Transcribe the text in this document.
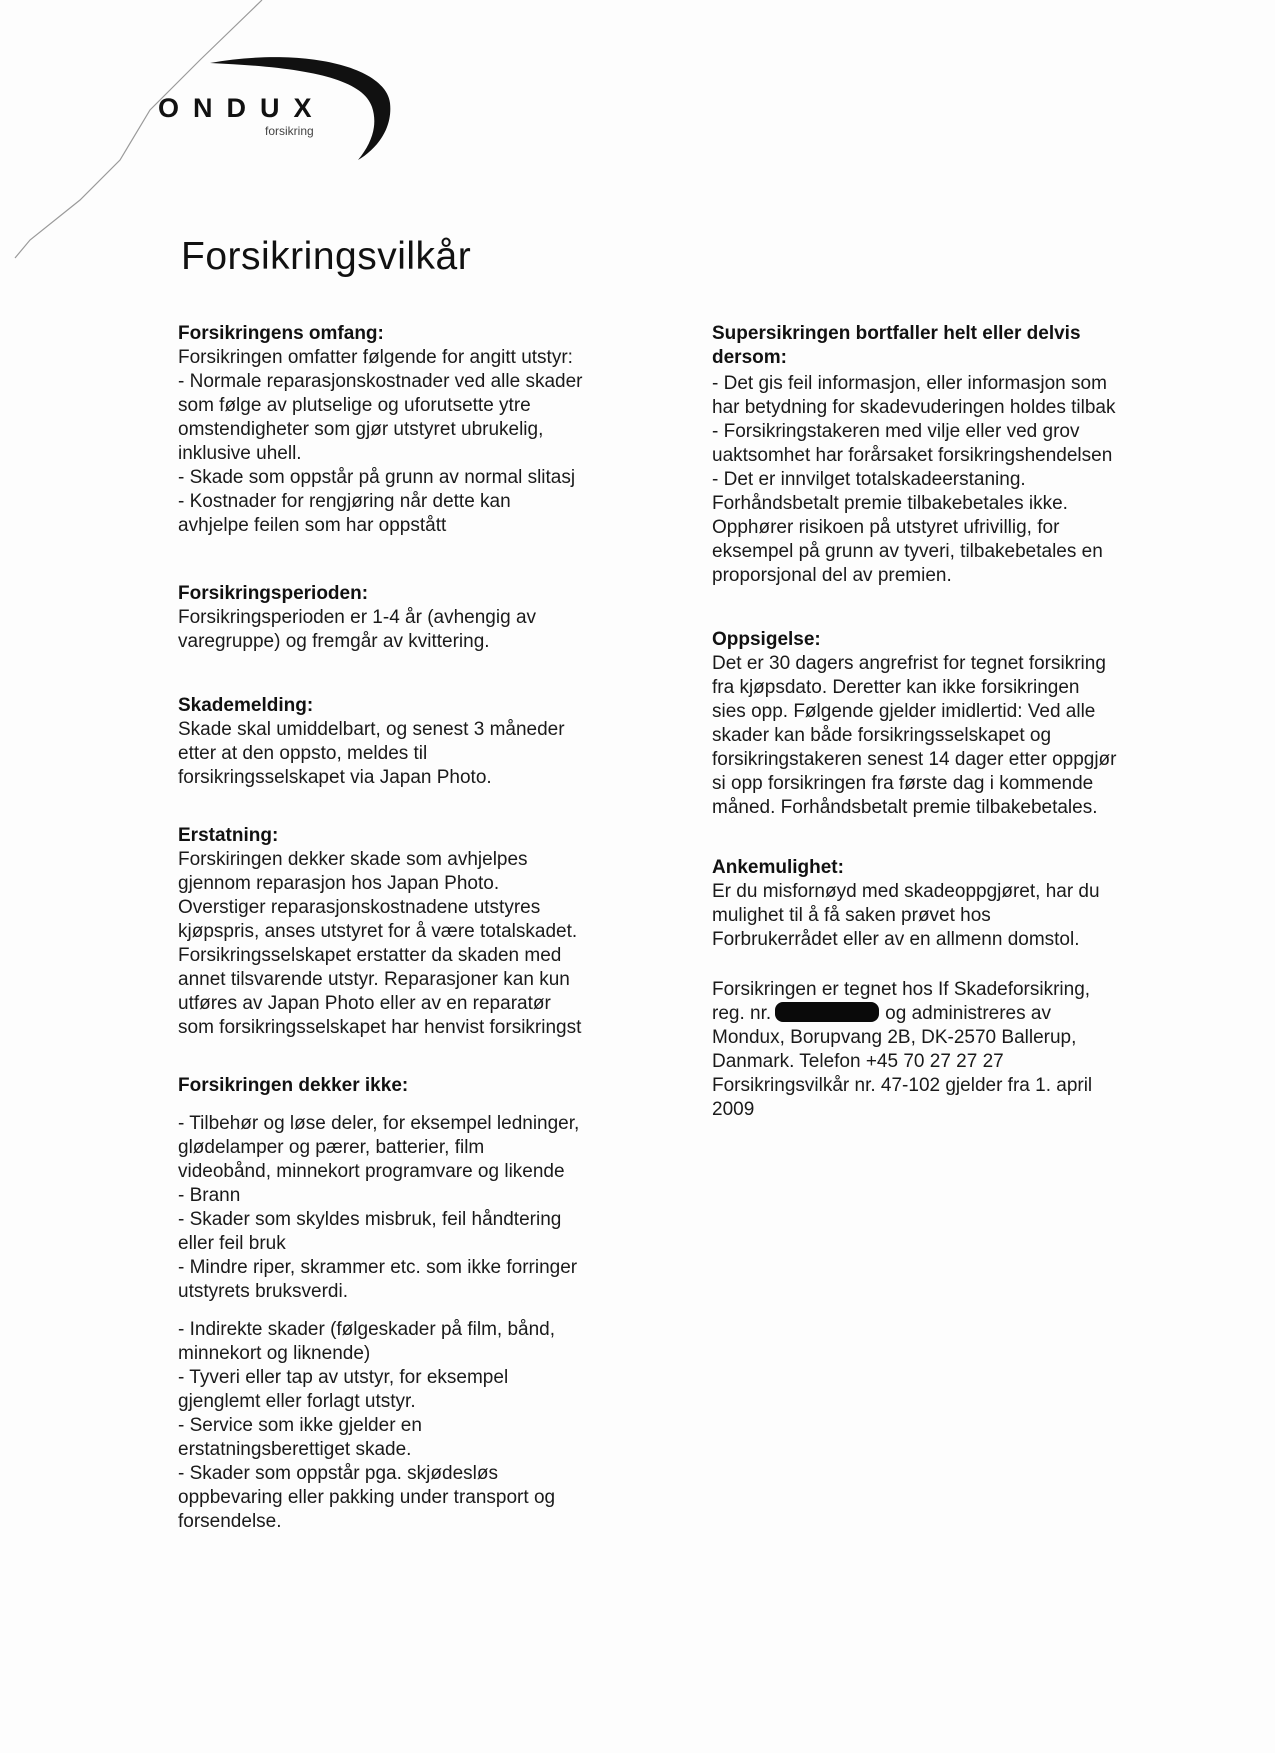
ONDUX
forsikring
Forsikringsvilkår

Forsikringens omfang:

Forsikringen omfatter følgende for angitt utstyr:
- Normale reparasjonskostnader ved alle skader
som følge av plutselige og uforutsette ytre
omstendigheter som gjør utstyret ubrukelig,
inklusive uhell.
- Skade som oppstår på grunn av normal slitasj
- Kostnader for rengjøring når dette kan
avhjelpe feilen som har oppstått

Forsikringsperioden:

Forsikringsperioden er 1-4 år (avhengig av
varegruppe) og fremgår av kvittering.

Skademelding:

Skade skal umiddelbart, og senest 3 måneder
etter at den oppsto, meldes til
forsikringsselskapet via Japan Photo.

Erstatning:

Forskiringen dekker skade som avhjelpes
gjennom reparasjon hos Japan Photo.
Overstiger reparasjonskostnadene utstyres
kjøpspris, anses utstyret for å være totalskadet.
Forsikringsselskapet erstatter da skaden med
annet tilsvarende utstyr. Reparasjoner kan kun
utføres av Japan Photo eller av en reparatør
som forsikringsselskapet har henvist forsikringst

Forsikringen dekker ikke:

- Tilbehør og løse deler, for eksempel ledninger,
glødelamper og pærer, batterier, film
videobånd, minnekort programvare og likende
- Brann
- Skader som skyldes misbruk, feil håndtering
eller feil bruk
- Mindre riper, skrammer etc. som ikke forringer
utstyrets bruksverdi.

- Indirekte skader (følgeskader på film, bånd,
minnekort og liknende)
- Tyveri eller tap av utstyr, for eksempel
gjenglemt eller forlagt utstyr.
- Service som ikke gjelder en
erstatningsberettiget skade.
- Skader som oppstår pga. skjødesløs
oppbevaring eller pakking under transport og
forsendelse.

Supersikringen bortfaller helt eller delvis
dersom:

- Det gis feil informasjon, eller informasjon som
har betydning for skadevuderingen holdes tilbak
- Forsikringstakeren med vilje eller ved grov
uaktsomhet har forårsaket forsikringshendelsen
- Det er innvilget totalskadeerstaning.
Forhåndsbetalt premie tilbakebetales ikke.
Opphører risikoen på utstyret ufrivillig, for
eksempel på grunn av tyveri, tilbakebetales en
proporsjonal del av premien.

Oppsigelse:

Det er 30 dagers angrefrist for tegnet forsikring
fra kjøpsdato. Deretter kan ikke forsikringen
sies opp. Følgende gjelder imidlertid: Ved alle
skader kan både forsikringsselskapet og
forsikringstakeren senest 14 dager etter oppgjør
si opp forsikringen fra første dag i kommende
måned. Forhåndsbetalt premie tilbakebetales.

Ankemulighet:

Er du misfornøyd med skadeoppgjøret, har du
mulighet til å få saken prøvet hos
Forbrukerrådet eller av en allmenn domstol.

Forsikringen er tegnet hos If Skadeforsikring,
reg. nr.	og administreres av
Mondux, Borupvang 2B, DK-2570 Ballerup,
Danmark. Telefon +45 70 27 27 27
Forsikringsvilkår nr. 47-102 gjelder fra 1. april
2009
